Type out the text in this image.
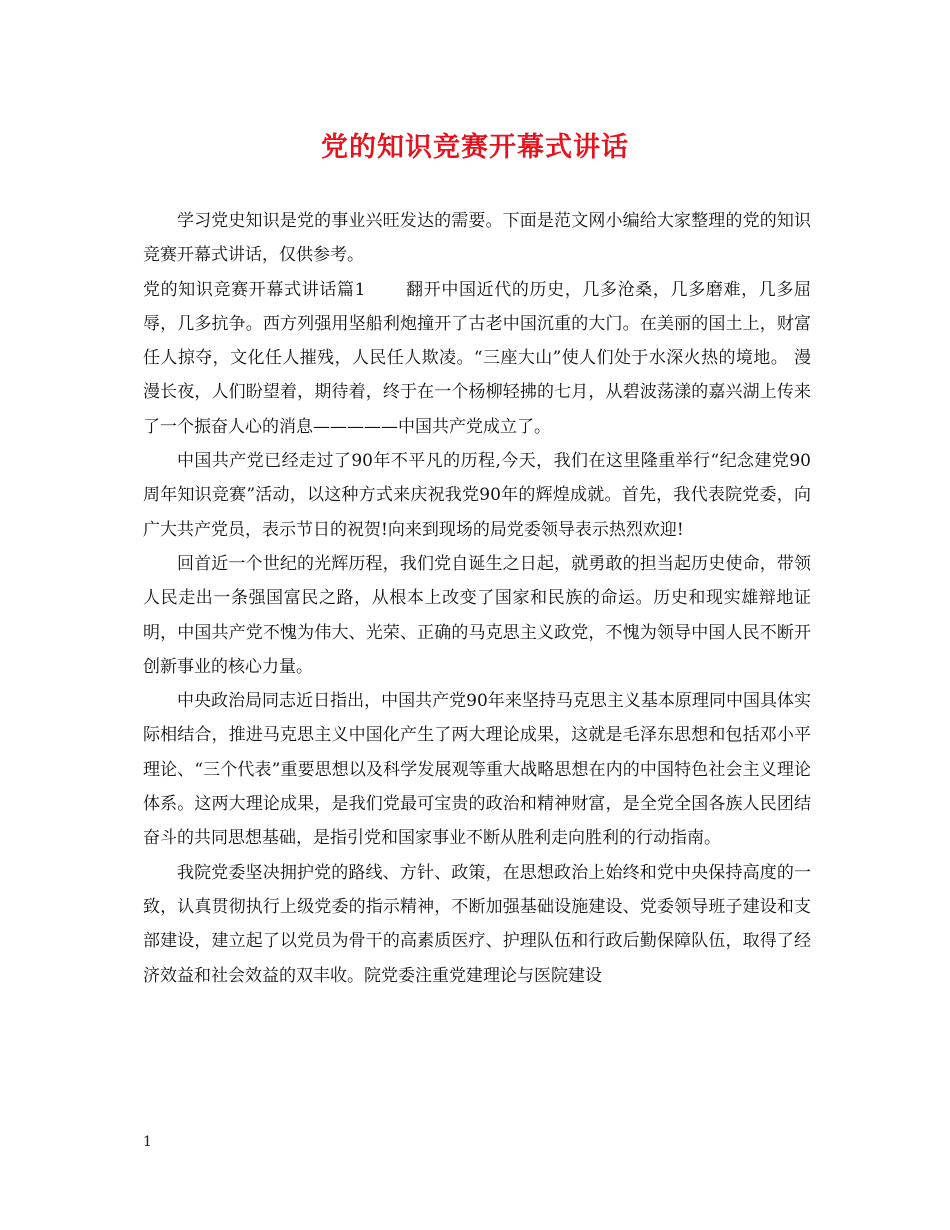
党的知识竞赛开幕式讲话

学习党史知识是党的事业兴旺发达的需要。下面是范文网小编给大家整理的党的知识竞赛开幕式讲话，仅供参考。

党的知识竞赛开幕式讲话篇1 翻开中国近代的历史，几多沧桑，几多磨难，几多屈辱，几多抗争。西方列强用坚船利炮撞开了古老中国沉重的大门。在美丽的国土上，财富任人掠夺，文化任人摧残，人民任人欺凌。“三座大山”使人们处于水深火热的境地。 漫漫长夜，人们盼望着，期待着，终于在一个杨柳轻拂的七月，从碧波荡漾的嘉兴湖上传来了一个振奋人心的消息—————中国共产党成立了。

中国共产党已经走过了90年不平凡的历程,今天，我们在这里隆重举行“纪念建党90周年知识竞赛”活动，以这种方式来庆祝我党90年的辉煌成就。首先，我代表院党委，向广大共产党员，表示节日的祝贺!向来到现场的局党委领导表示热烈欢迎!

回首近一个世纪的光辉历程，我们党自诞生之日起，就勇敢的担当起历史使命，带领人民走出一条强国富民之路，从根本上改变了国家和民族的命运。历史和现实雄辩地证明，中国共产党不愧为伟大、光荣、正确的马克思主义政党，不愧为领导中国人民不断开创新事业的核心力量。

中央政治局同志近日指出，中国共产党90年来坚持马克思主义基本原理同中国具体实际相结合，推进马克思主义中国化产生了两大理论成果，这就是毛泽东思想和包括邓小平理论、“三个代表”重要思想以及科学发展观等重大战略思想在内的中国特色社会主义理论体系。这两大理论成果，是我们党最可宝贵的政治和精神财富，是全党全国各族人民团结奋斗的共同思想基础，是指引党和国家事业不断从胜利走向胜利的行动指南。

我院党委坚决拥护党的路线、方针、政策，在思想政治上始终和党中央保持高度的一致，认真贯彻执行上级党委的指示精神，不断加强基础设施建设、党委领导班子建设和支部建设，建立起了以党员为骨干的高素质医疗、护理队伍和行政后勤保障队伍，取得了经济效益和社会效益的双丰收。院党委注重党建理论与医院建设

1
